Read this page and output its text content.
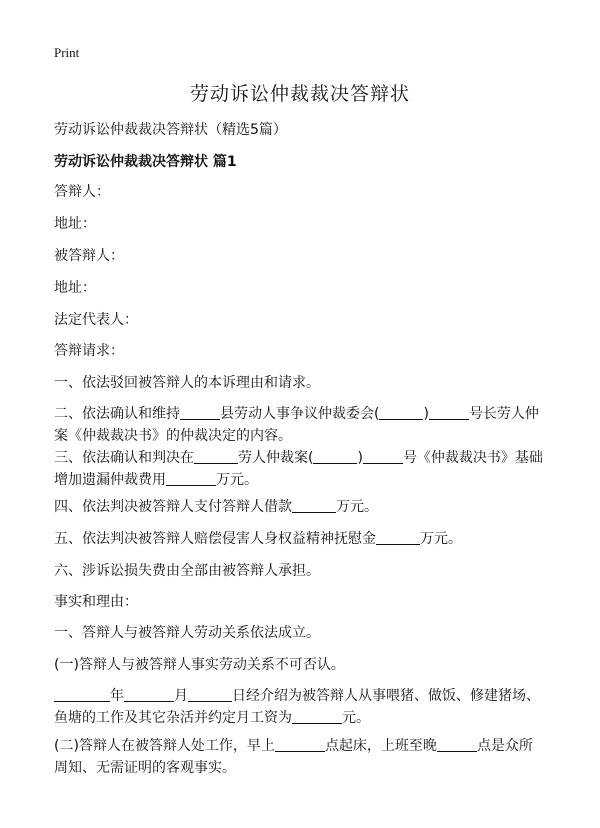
Print
劳动诉讼仲裁裁决答辩状

劳动诉讼仲裁裁决答辩状（精选5篇）

劳动诉讼仲裁裁决答辩状 篇1

答辩人：

地址：

被答辩人：

地址：

法定代表人：

答辩请求：

一、依法驳回被答辩人的本诉理由和请求。

二、依法确认和维持	县劳动人事争议仲裁委会(	)	号长劳人仲
案《仲裁裁决书》的仲裁决定的内容。
三、依法确认和判决在	劳人仲裁案(	)	号《仲裁裁决书》基础
增加遗漏仲裁费用	万元。
四、依法判决被答辩人支付答辩人借款	万元。
五、依法判决被答辩人赔偿侵害人身权益精神抚慰金	万元。

六、涉诉讼损失费由全部由被答辩人承担。

事实和理由：

一、答辩人与被答辩人劳动关系依法成立。

(一)答辩人与被答辩人事实劳动关系不可否认。

年	月	日经介绍为被答辩人从事喂猪、做饭、修建猪场、
鱼塘的工作及其它杂活并约定月工资为	元。
(二)答辩人在被答辩人处工作，早上	点起床，上班至晚	点是众所
周知、无需证明的客观事实。
